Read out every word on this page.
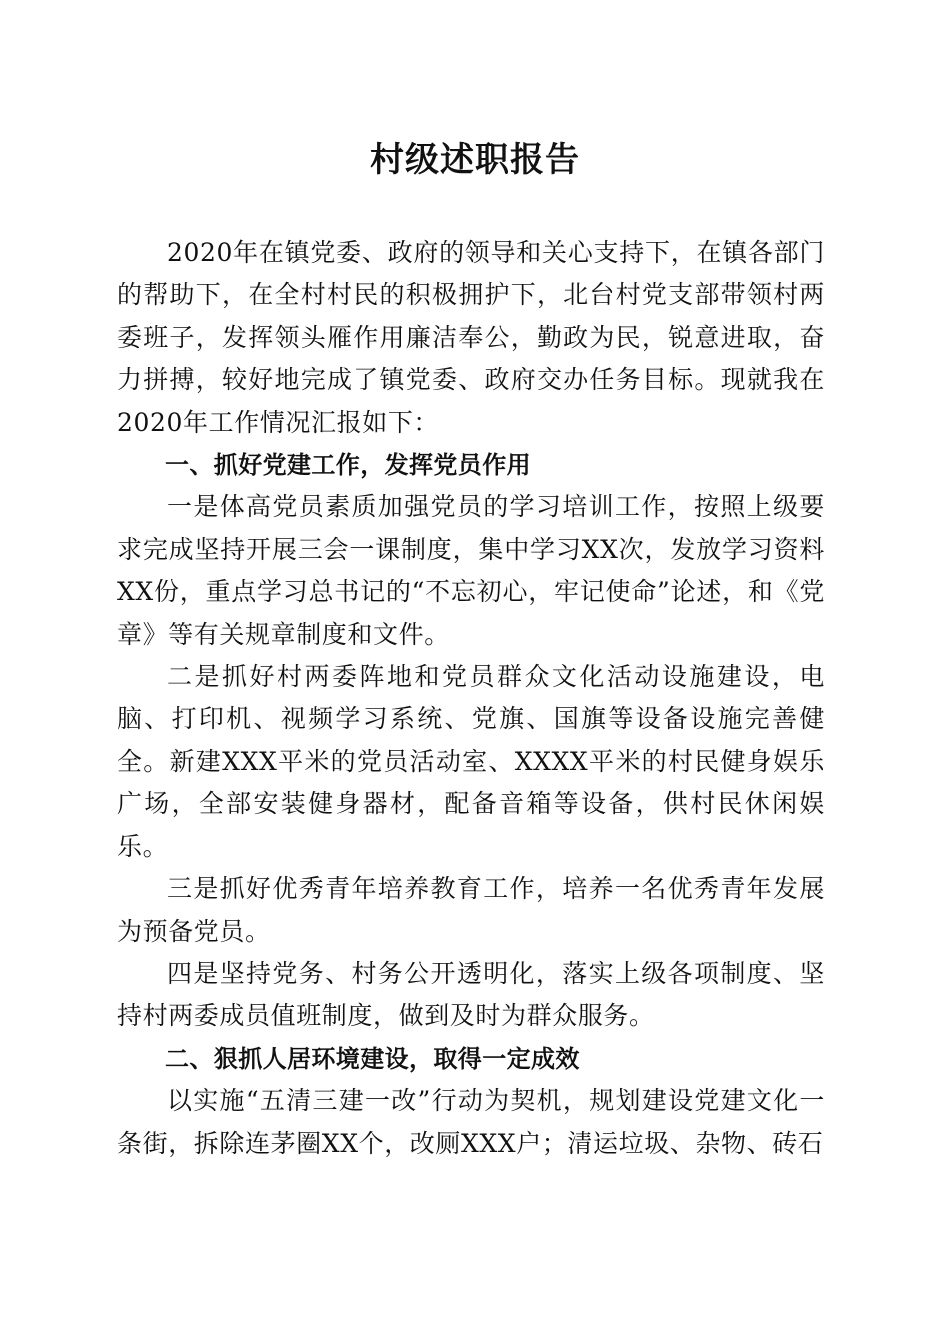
村级述职报告

2020年在镇党委、政府的领导和关心支持下，在镇各部门的帮助下，在全村村民的积极拥护下，北台村党支部带领村两委班子，发挥领头雁作用廉洁奉公，勤政为民，锐意进取，奋力拼搏，较好地完成了镇党委、政府交办任务目标。现就我在2020年工作情况汇报如下：

一、抓好党建工作，发挥党员作用

一是体高党员素质加强党员的学习培训工作，按照上级要求完成坚持开展三会一课制度，集中学习XX次，发放学习资料XX份，重点学习总书记的“不忘初心，牢记使命”论述，和《党章》等有关规章制度和文件。

二是抓好村两委阵地和党员群众文化活动设施建设，电脑、打印机、视频学习系统、党旗、国旗等设备设施完善健全。新建XXX平米的党员活动室、XXXX平米的村民健身娱乐广场，全部安装健身器材，配备音箱等设备，供村民休闲娱乐。

三是抓好优秀青年培养教育工作，培养一名优秀青年发展为预备党员。

四是坚持党务、村务公开透明化，落实上级各项制度、坚持村两委成员值班制度，做到及时为群众服务。

二、狠抓人居环境建设，取得一定成效

以实施“五清三建一改”行动为契机，规划建设党建文化一条街，拆除连茅圈XX个，改厕XXX户；清运垃圾、杂物、砖石
